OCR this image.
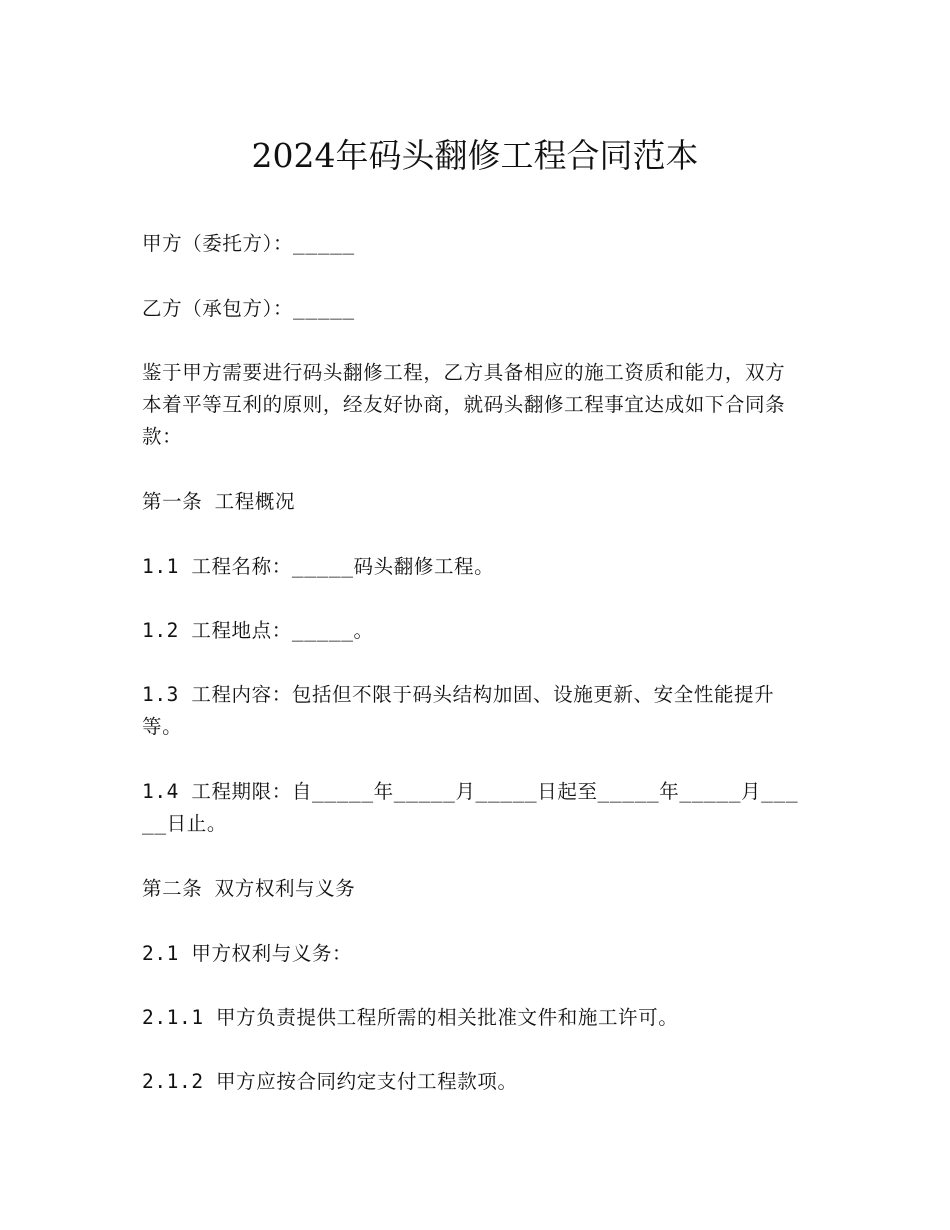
2024年码头翻修工程合同范本

甲方（委托方）：_____

乙方（承包方）：_____

鉴于甲方需要进行码头翻修工程，乙方具备相应的施工资质和能力，双方本着平等互利的原则，经友好协商，就码头翻修工程事宜达成如下合同条款：

第一条 工程概况

1.1 工程名称：_____码头翻修工程。

1.2 工程地点：_____。

1.3 工程内容：包括但不限于码头结构加固、设施更新、安全性能提升等。

1.4 工程期限：自_____年_____月_____日起至_____年_____月_____日止。

第二条 双方权利与义务

2.1 甲方权利与义务：

2.1.1 甲方负责提供工程所需的相关批准文件和施工许可。

2.1.2 甲方应按合同约定支付工程款项。
